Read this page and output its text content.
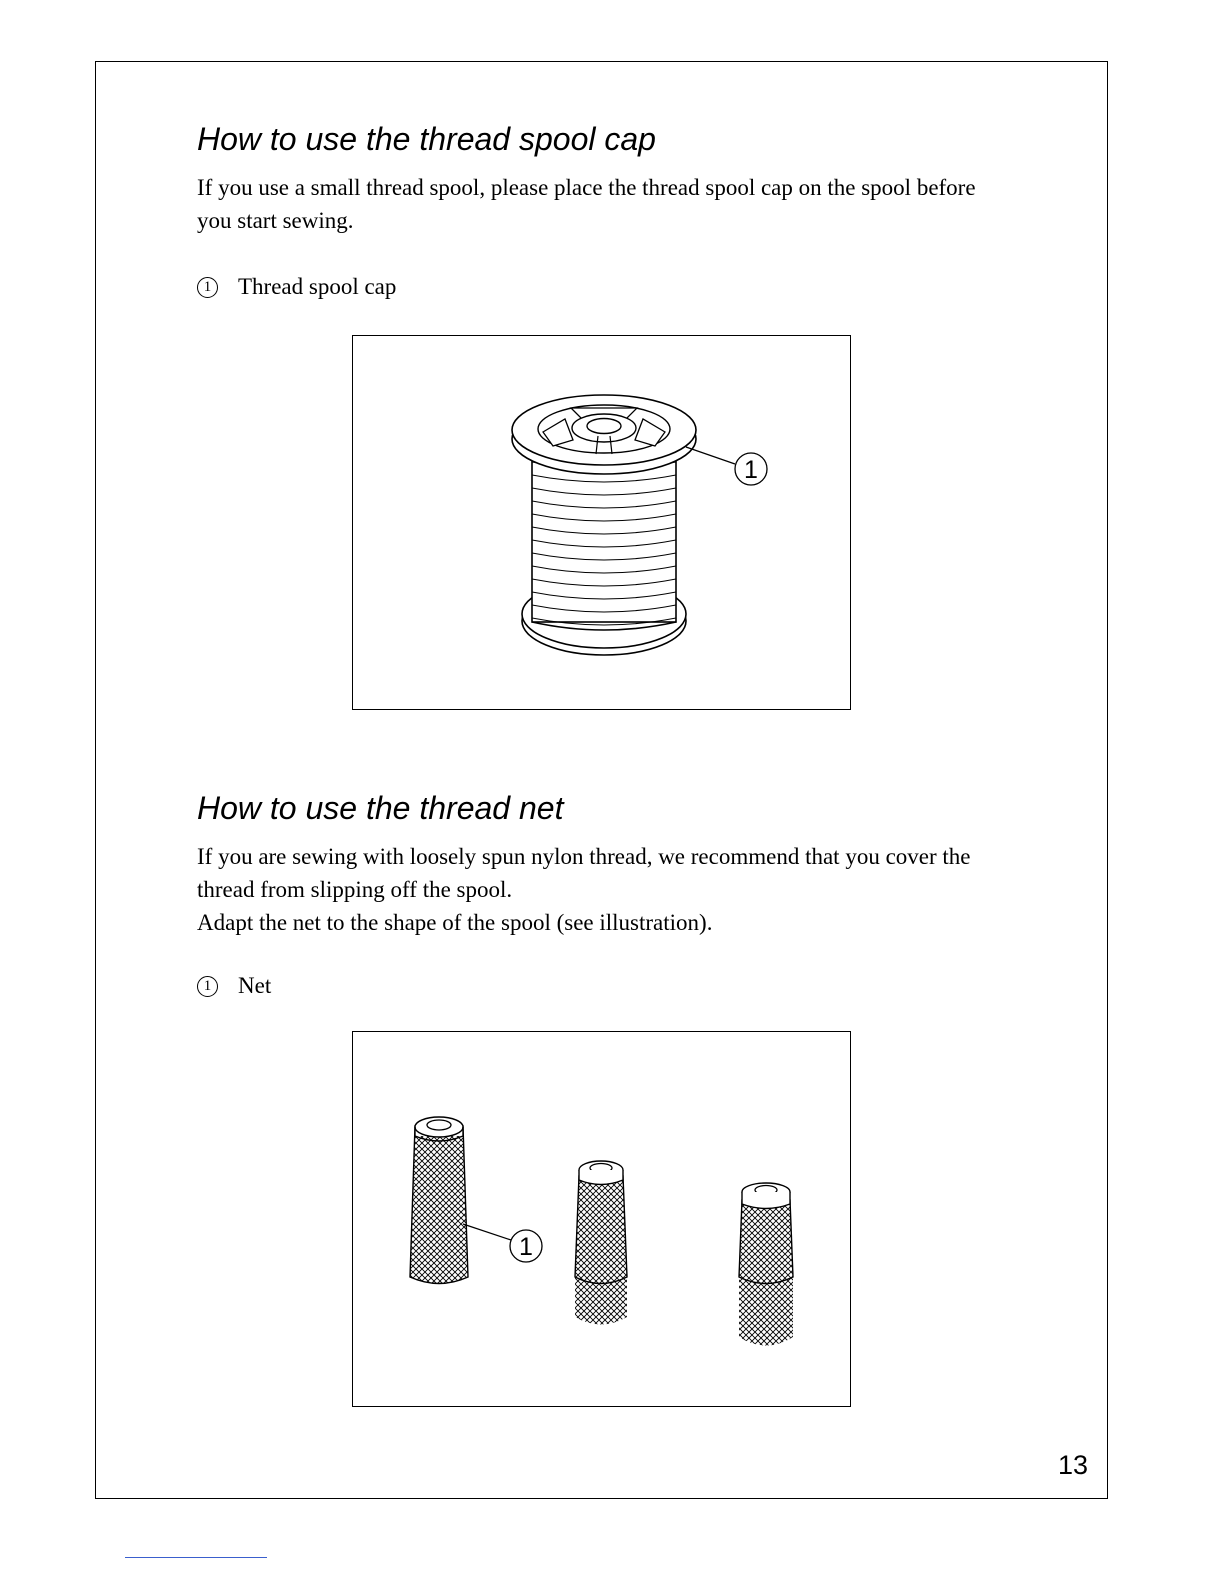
How to use the thread spool cap

If you use a small thread spool, please place the thread spool cap on the spool before
you start sewing.

1 Thread spool cap
1
How to use the thread net

If you are sewing with loosely spun nylon thread, we recommend that you cover the
thread from slipping off the spool.
Adapt the net to the shape of the spool (see illustration).

1 Net
1
13
